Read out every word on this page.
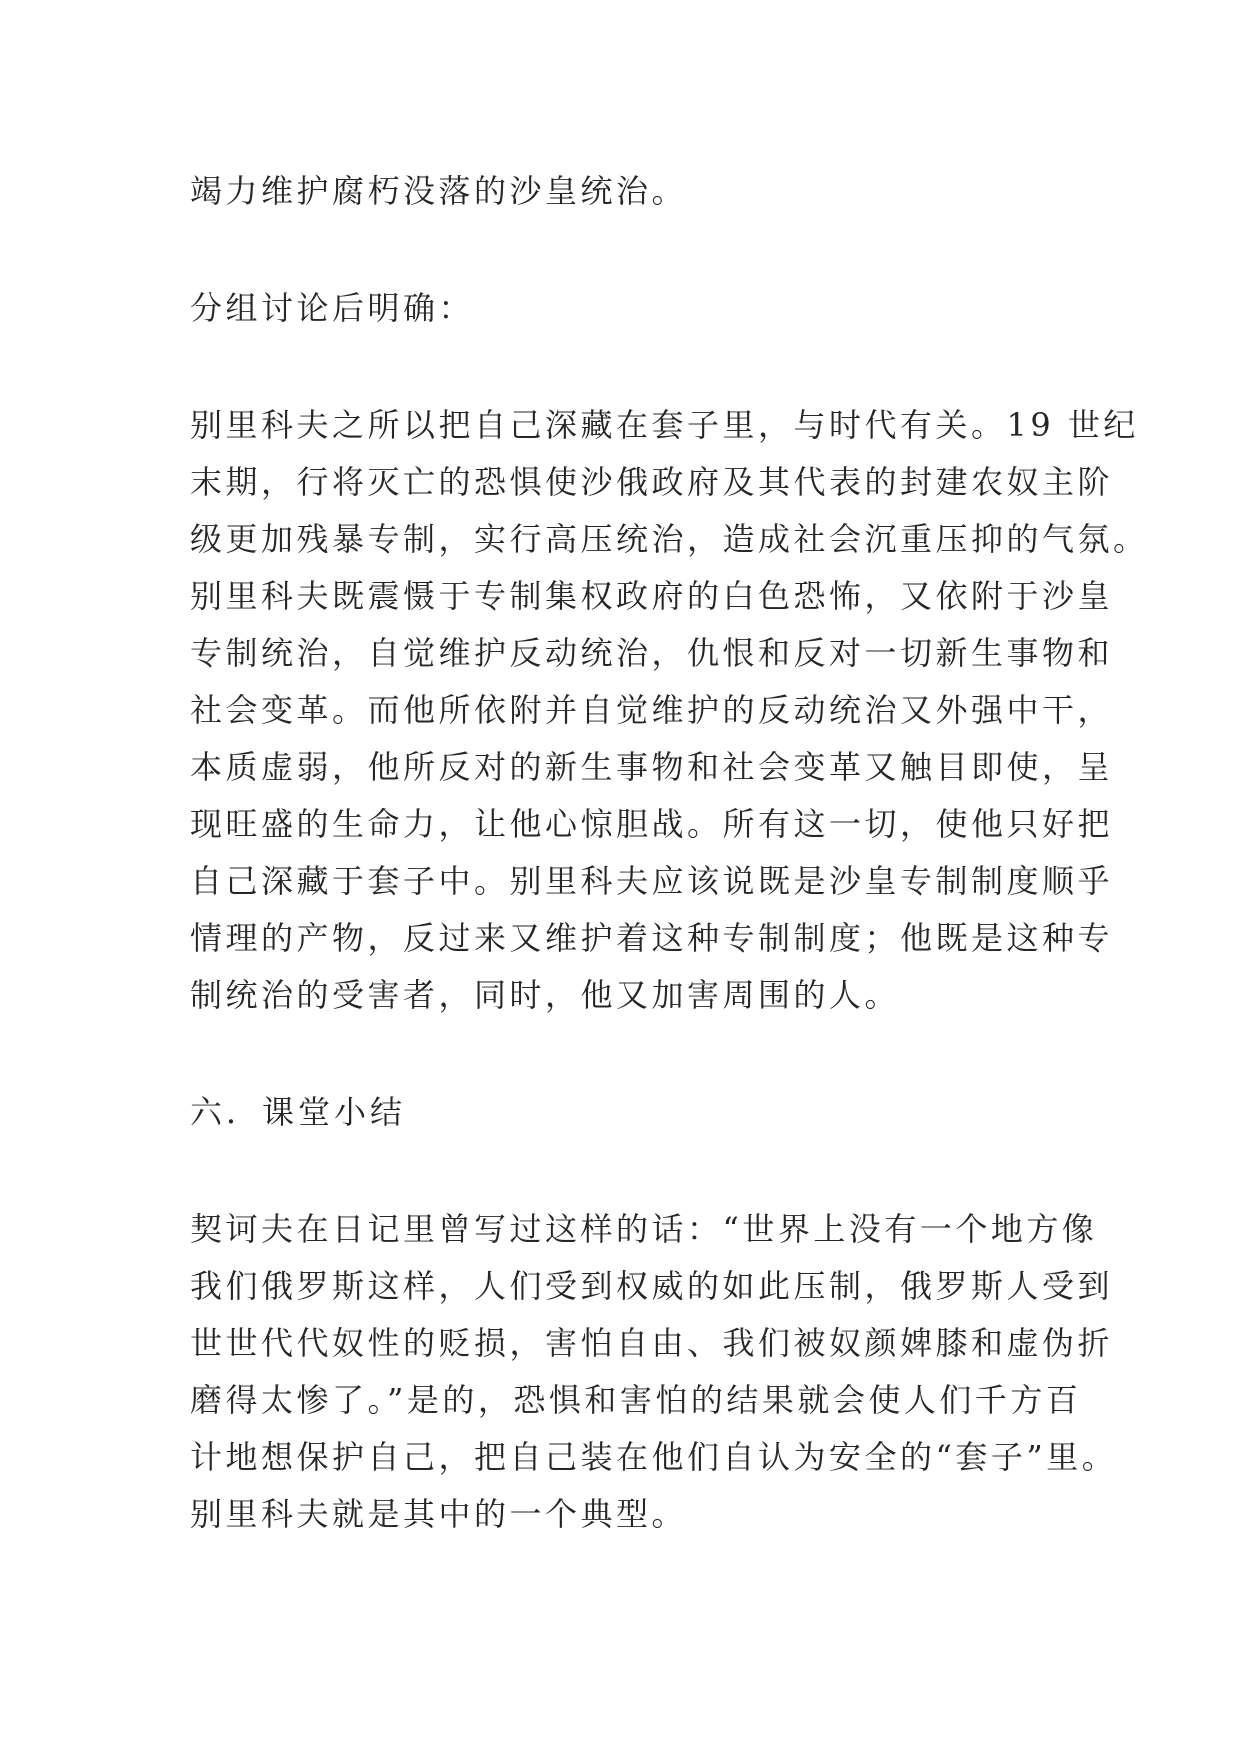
竭力维护腐朽没落的沙皇统治。
分组讨论后明确：
别里科夫之所以把自己深藏在套子里，与时代有关。19 世纪
末期，行将灭亡的恐惧使沙俄政府及其代表的封建农奴主阶
级更加残暴专制，实行高压统治，造成社会沉重压抑的气氛。
别里科夫既震慑于专制集权政府的白色恐怖，又依附于沙皇
专制统治，自觉维护反动统治，仇恨和反对一切新生事物和
社会变革。而他所依附并自觉维护的反动统治又外强中干，
本质虚弱，他所反对的新生事物和社会变革又触目即使，呈
现旺盛的生命力，让他心惊胆战。所有这一切，使他只好把
自己深藏于套子中。别里科夫应该说既是沙皇专制制度顺乎
情理的产物，反过来又维护着这种专制制度；他既是这种专
制统治的受害者，同时，他又加害周围的人。
六．课堂小结
契诃夫在日记里曾写过这样的话：“世界上没有一个地方像
我们俄罗斯这样，人们受到权威的如此压制，俄罗斯人受到
世世代代奴性的贬损，害怕自由、我们被奴颜婢膝和虚伪折
磨得太惨了。”是的，恐惧和害怕的结果就会使人们千方百
计地想保护自己，把自己装在他们自认为安全的“套子”里。
别里科夫就是其中的一个典型。
